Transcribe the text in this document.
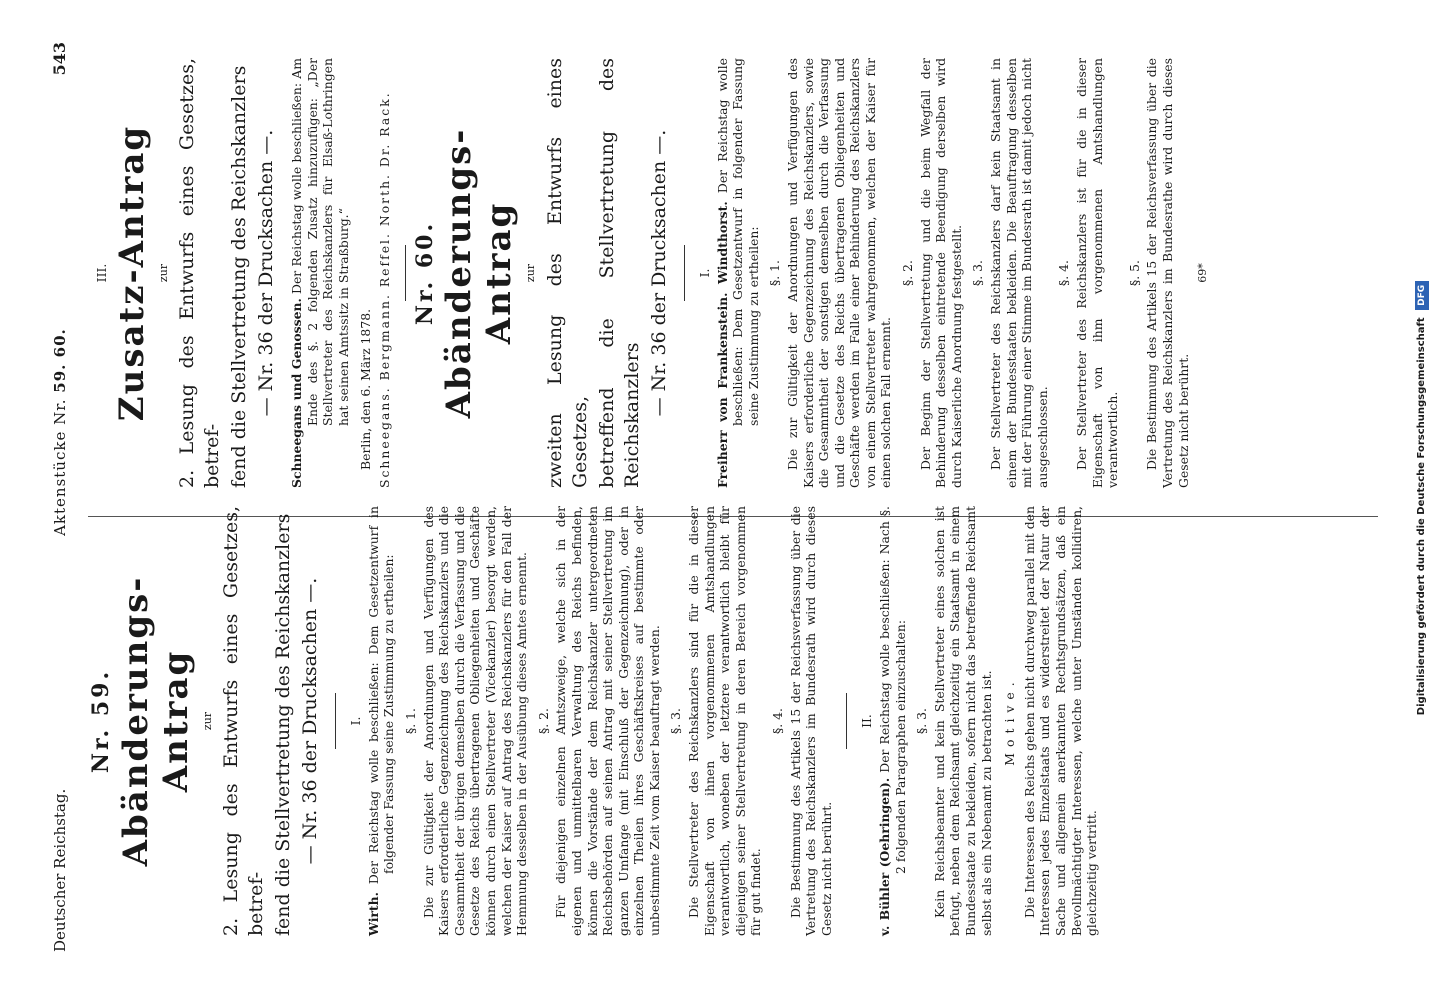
Deutscher Reichstag.
Aktenstücke Nr. 59. 60.
543
Nr. 59. Abänderungs-Antrag zur 2. Lesung des Entwurfs eines Gesetzes, betref- fend die Stellvertretung des Reichskanzlers — Nr. 36 der Drucksachen —. I.

Wirth. Der Reichstag wolle beschließen: Dem Gesetzentwurf in folgender Fassung seine Zustimmung zu ertheilen: §. 1. Die zur Gültigkeit der Anordnungen und Verfügungen des Kaisers erforderliche Gegenzeichnung des Reichskanzlers und die Gesammtheit der übrigen demselben durch die Verfassung und die Gesetze des Reichs übertragenen Obliegenheiten und Geschäfte können durch einen Stellvertreter (Vicekanzler) besorgt werden, welchen der Kaiser auf Antrag des Reichskanzlers für den Fall der Hemmung desselben in der Ausübung dieses Amtes ernennt. §. 2. Für diejenigen einzelnen Amtszweige, welche sich in der eigenen und unmittelbaren Verwaltung des Reichs befinden, können die Vorstände der dem Reichskanzler untergeordneten Reichsbehörden auf seinen Antrag mit seiner Stellvertretung im ganzen Umfange (mit Einschluß der Gegenzeichnung), oder in einzelnen Theilen ihres Geschäftskreises auf bestimmte oder unbestimmte Zeit vom Kaiser beauftragt werden. §. 3. Die Stellvertreter des Reichskanzlers sind für die in dieser Eigenschaft von ihnen vorgenommenen Amtshandlungen verantwortlich, woneben der letztere verantwortlich bleibt für diejenigen seiner Stellvertretung in deren Bereich vorgenommen für gut findet.

§. 4. Die Bestimmung des Artikels 15 der Reichsverfassung über die Vertretung des Reichskanzlers im Bundesrath wird durch dieses Gesetz nicht berührt.

II.

v. Bühler (Oehringen). Der Reichstag wolle beschließen: Nach §. 2 folgenden Paragraphen einzuschalten: §. 3. Kein Reichsbeamter und kein Stellvertreter eines solchen ist befugt, neben dem Reichsamt gleichzeitig ein Staatsamt in einem Bundesstaate zu bekleiden, sofern nicht das betreffende Reichsamt selbst als ein Nebenamt zu betrachten ist. Motive. Die Interessen des Reichs gehen nicht durchweg parallel mit den Interessen jedes Einzelstaats und es widerstreitet der Natur der Sache und allgemein anerkannten Rechtsgrundsätzen, daß ein Bevollmächtigter Interessen, welche unter Umständen kollidiren, gleichzeitig vertritt.

III. Zusatz-Antrag zur 2. Lesung des Entwurfs eines Gesetzes, betref- fend die Stellvertretung des Reichskanzlers — Nr. 36 der Drucksachen —. Schneegans und Genossen. Der Reichstag wolle beschließen: Am Ende des §. 2 folgenden Zusatz hinzuzufügen: „Der Stellvertreter des Reichskanzlers für Elsaß-Lothringen hat seinen Amtssitz in Straßburg.“ Berlin, den 6. März 1878. Schneegans. Bergmann. Reffel. North. Dr. Rack. Nr. 60. Abänderungs-Antrag zur zweiten Lesung des Entwurfs eines Gesetzes, betreffend die Stellvertretung des Reichskanzlers — Nr. 36 der Drucksachen —. I. Freiherr von Frankenstein. Windthorst. Der Reichstag wolle beschließen: Dem Gesetzentwurf in folgender Fassung seine Zustimmung zu ertheilen: §. 1. Die zur Gültigkeit der Anordnungen und Verfügungen des Kaisers erforderliche Gegenzeichnung des Reichskanzlers, sowie die Gesammtheit der sonstigen demselben durch die Verfassung und die Gesetze des Reichs übertragenen Obliegenheiten und Geschäfte werden im Falle einer Behinderung des Reichskanzlers von einem Stellvertreter wahrgenommen, welchen der Kaiser für einen solchen Fall ernennt.

§. 2. Der Beginn der Stellvertretung und die beim Wegfall der Behinderung desselben eintretende Beendigung derselben wird durch Kaiserliche Anordnung festgestellt. §. 3. Der Stellvertreter des Reichskanzlers darf kein Staatsamt in einem der Bundesstaaten bekleiden. Die Beauftragung desselben mit der Führung einer Stimme im Bundesrath ist damit jedoch nicht ausgeschlossen.

§. 4. Der Stellvertreter des Reichskanzlers ist für die in dieser Eigenschaft von ihm vorgenommenen Amtshandlungen verantwortlich.

§. 5. Die Bestimmung des Artikels 15 der Reichsverfassung über die Vertretung des Reichskanzlers im Bundesrathe wird durch dieses Gesetz nicht berührt.

69*
Digitalisierung gefördert durch die Deutsche Forschungsgemeinschaft DFG
